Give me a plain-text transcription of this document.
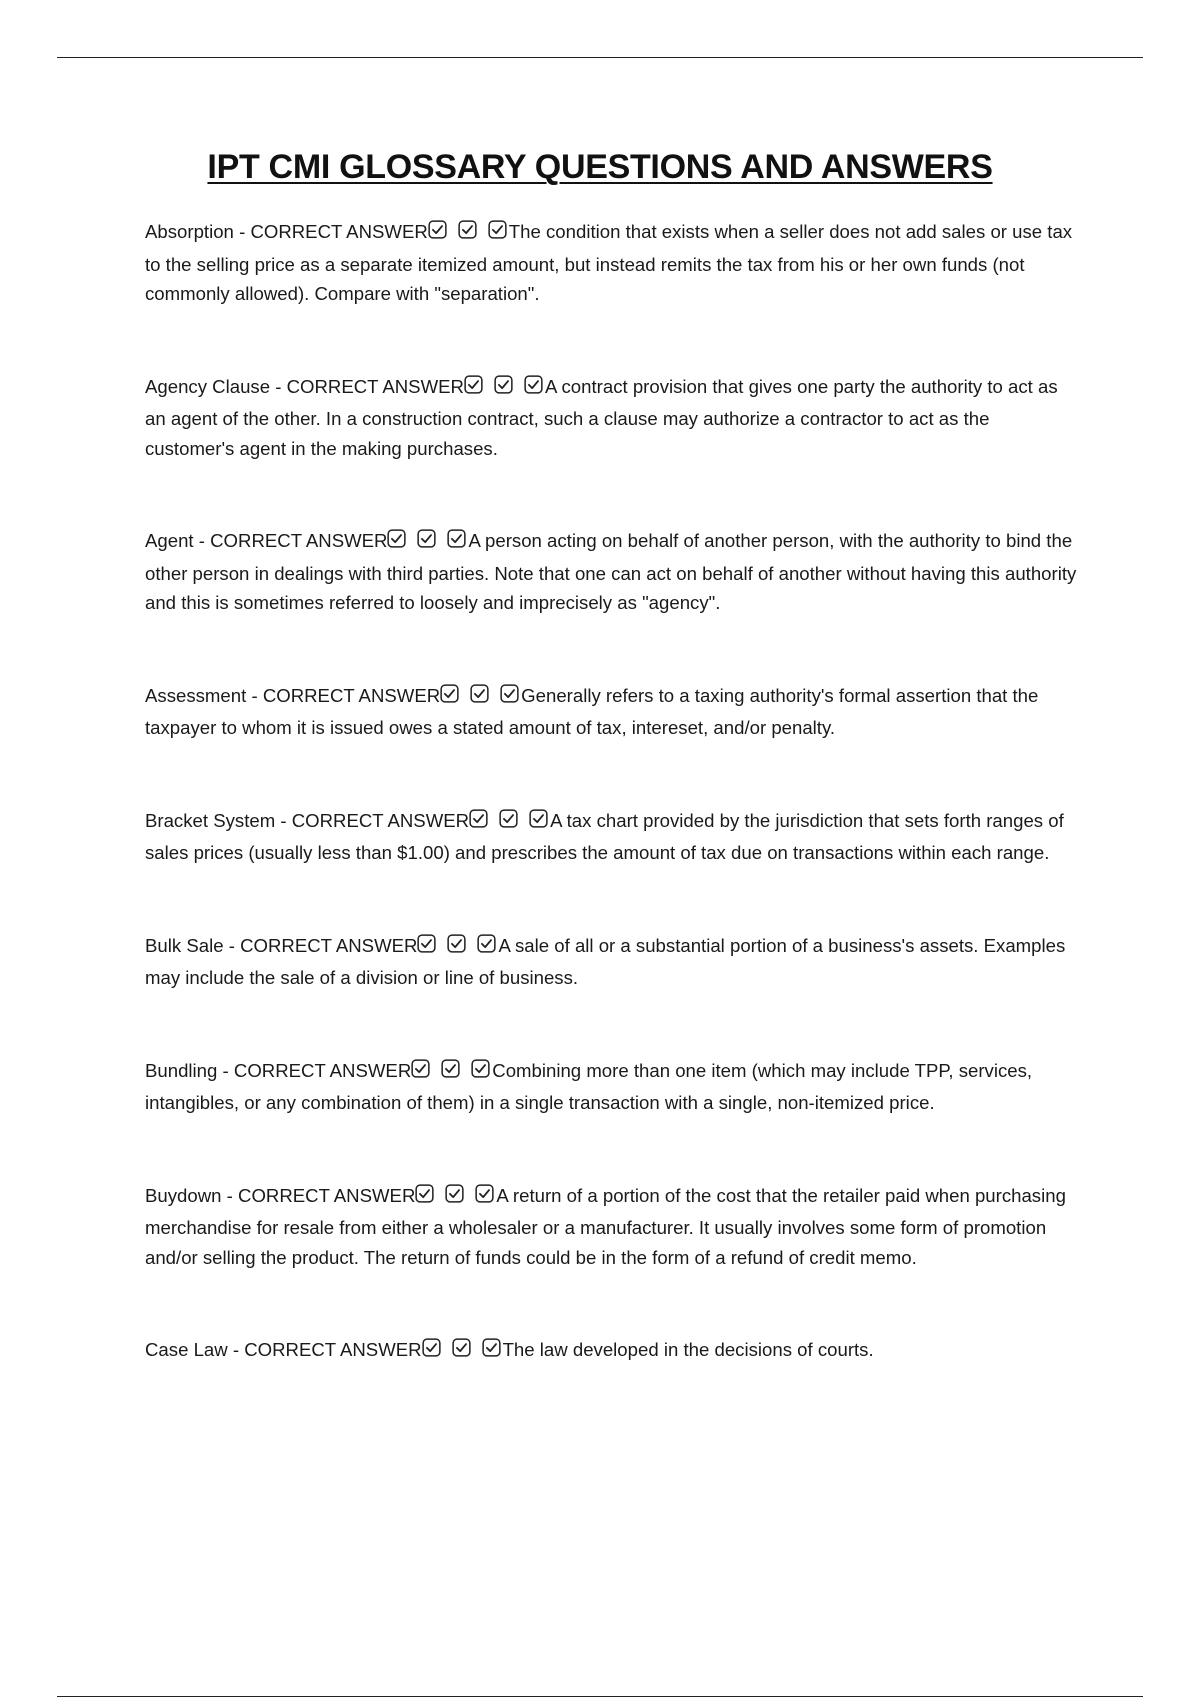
IPT CMI GLOSSARY QUESTIONS AND ANSWERS

Absorption - CORRECT ANSWER	The condition that exists when a seller does not add sales or use tax to the selling price as a separate itemized amount, but instead remits the tax from his or her own funds (not commonly allowed). Compare with "separation".

Agency Clause - CORRECT ANSWER	A contract provision that gives one party the authority to act as an agent of the other. In a construction contract, such a clause may authorize a contractor to act as the customer's agent in the making purchases.

Agent - CORRECT ANSWER	A person acting on behalf of another person, with the authority to bind the other person in dealings with third parties. Note that one can act on behalf of another without having this authority and this is sometimes referred to loosely and imprecisely as "agency".

Assessment - CORRECT ANSWER	Generally refers to a taxing authority's formal assertion that the taxpayer to whom it is issued owes a stated amount of tax, intereset, and/or penalty.

Bracket System - CORRECT ANSWER	A tax chart provided by the jurisdiction that sets forth ranges of sales prices (usually less than $1.00) and prescribes the amount of tax due on transactions within each range.

Bulk Sale - CORRECT ANSWER	A sale of all or a substantial portion of a business's assets. Examples may include the sale of a division or line of business.

Bundling - CORRECT ANSWER	Combining more than one item (which may include TPP, services, intangibles, or any combination of them) in a single transaction with a single, non-itemized price.

Buydown - CORRECT ANSWER	A return of a portion of the cost that the retailer paid when purchasing merchandise for resale from either a wholesaler or a manufacturer. It usually involves some form of promotion and/or selling the product. The return of funds could be in the form of a refund of credit memo.

Case Law - CORRECT ANSWER	The law developed in the decisions of courts.
